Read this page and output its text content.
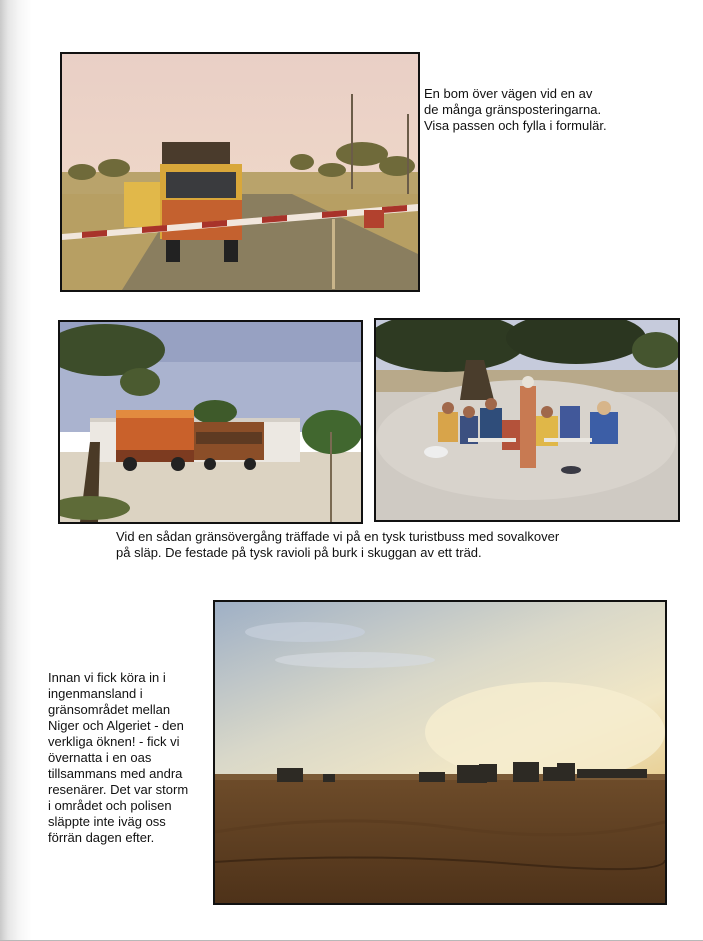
En bom över vägen vid en av
de många gränsposteringarna.
Visa passen och fylla i formulär.
Vid en sådan gränsövergång träffade vi på en tysk turistbuss med sovalkover
på släp. De festade på tysk ravioli på burk i skuggan av ett träd.
Innan vi fick köra in i
ingenmansland i
gränsområdet mellan
Niger och Algeriet - den
verkliga öknen! - fick vi
övernatta i en oas
tillsammans med andra
resenärer. Det var storm
i området och polisen
släppte inte iväg oss
förrän dagen efter.
